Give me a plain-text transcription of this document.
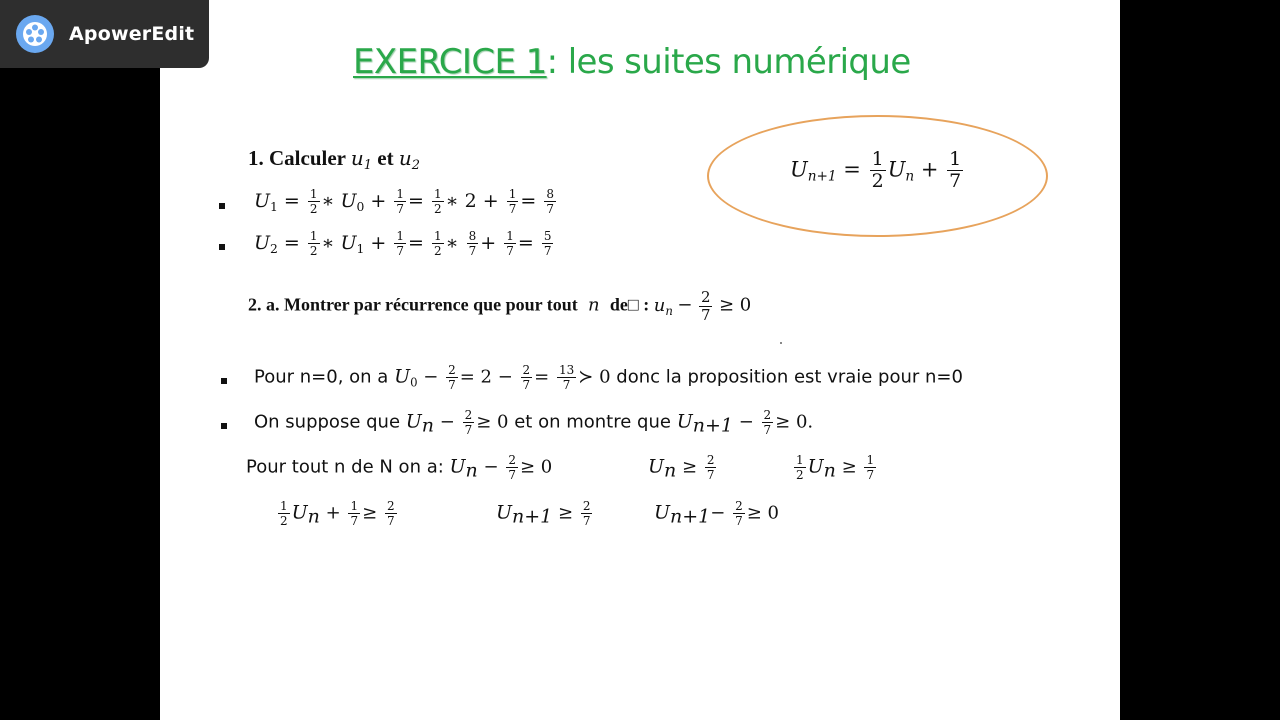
ApowerEdit
EXERCICE 1: les suites numérique
1. Calculer $u_1$ et $u_2$
$U_1 = \frac{1}{2}$ ∗ $U_0 + \frac{1}{7} = \frac{1}{2}$ ∗ $2 + \frac{1}{7} = \frac{8}{7}$
$U_2 = \frac{1}{2}$ ∗ $U_1 + \frac{1}{7} = \frac{1}{2}$ ∗ $\frac{8}{7} + \frac{1}{7} = \frac{5}{7}$
$U_{n+1} = \frac{1}{2} U_n + \frac{1}{7}$
2. a. Montrer par récurrence que pour tout  n  de□ : $u_n - \frac{2}{7} \ge 0$
Pour n=0, on a $U_0 - \frac{2}{7} = 2 - \frac{2}{7} = \frac{13}{7}$ ≻ 0 donc la proposition est vraie pour n=0
On suppose que $U_n - \frac{2}{7} \ge 0$ et on montre que $U_{n+1} - \frac{2}{7} \ge 0$.
Pour tout n de N on a: $U_n - \frac{2}{7} \ge 0$	$U_n \ge \frac{2}{7}$	$\frac{1}{2} U_n \ge \frac{1}{7}$
$\frac{1}{2} U_n + \frac{1}{7} \ge \frac{2}{7}$	$U_{n+1} \ge \frac{2}{7}$	$U_{n+1}- \frac{2}{7} \ge 0$
